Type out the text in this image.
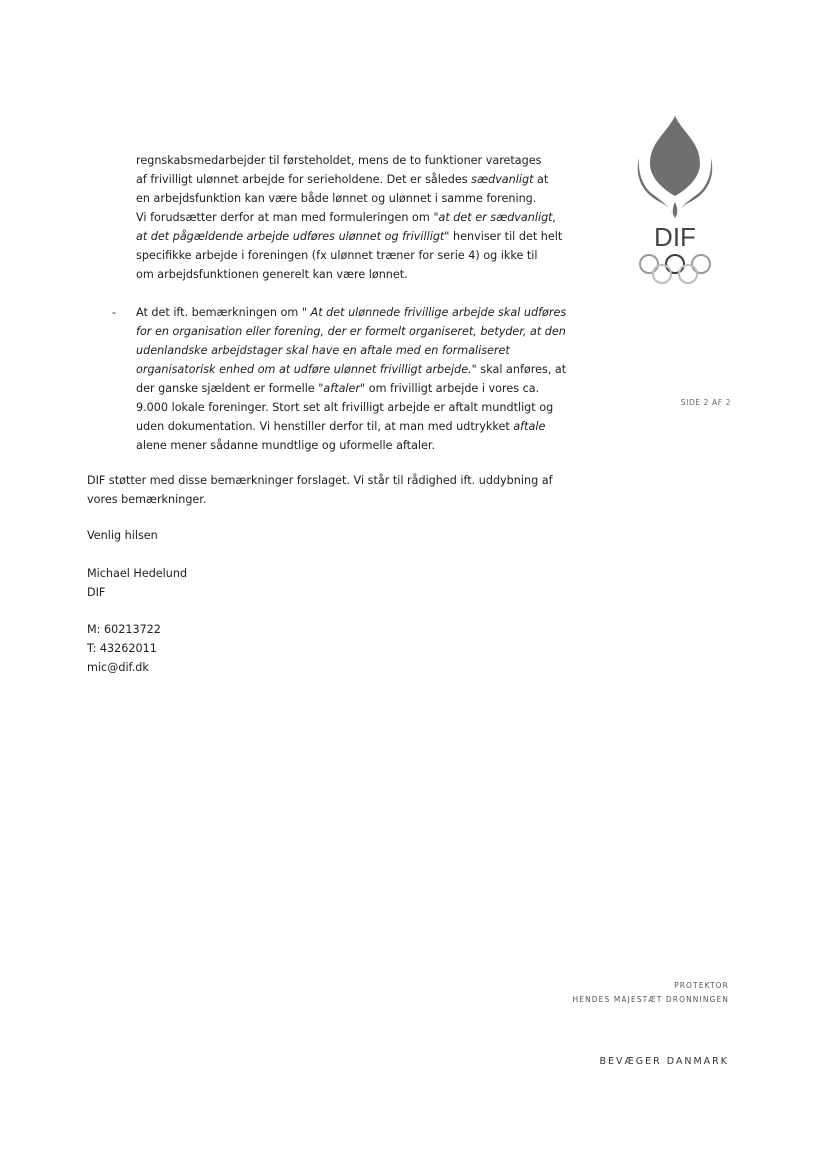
regnskabsmedarbejder til førsteholdet, mens de to funktioner varetages
af frivilligt ulønnet arbejde for serieholdene. Det er således sædvanligt at
en arbejdsfunktion kan være både lønnet og ulønnet i samme forening.
Vi forudsætter derfor at man med formuleringen om "at det er sædvanligt,
at det pågældende arbejde udføres ulønnet og frivilligt" henviser til det helt
specifikke arbejde i foreningen (fx ulønnet træner for serie 4) og ikke til
om arbejdsfunktionen generelt kan være lønnet.
- At det ift. bemærkningen om " At det ulønnede frivillige arbejde skal udføres
for en organisation eller forening, der er formelt organiseret, betyder, at den
udenlandske arbejdstager skal have en aftale med en formaliseret
organisatorisk enhed om at udføre ulønnet frivilligt arbejde." skal anføres, at
der ganske sjældent er formelle "aftaler" om frivilligt arbejde i vores ca.
9.000 lokale foreninger. Stort set alt frivilligt arbejde er aftalt mundtligt og
uden dokumentation. Vi henstiller derfor til, at man med udtrykket aftale
alene mener sådanne mundtlige og uformelle aftaler.
DIF støtter med disse bemærkninger forslaget. Vi står til rådighed ift. uddybning af
vores bemærkninger.
Venlig hilsen
Michael Hedelund
DIF
M: 60213722
T: 43262011
mic@dif.dk
DIF
SIDE 2 AF 2
PROTEKTOR
HENDES MAJESTÆT DRONNINGEN
BEVÆGER DANMARK
